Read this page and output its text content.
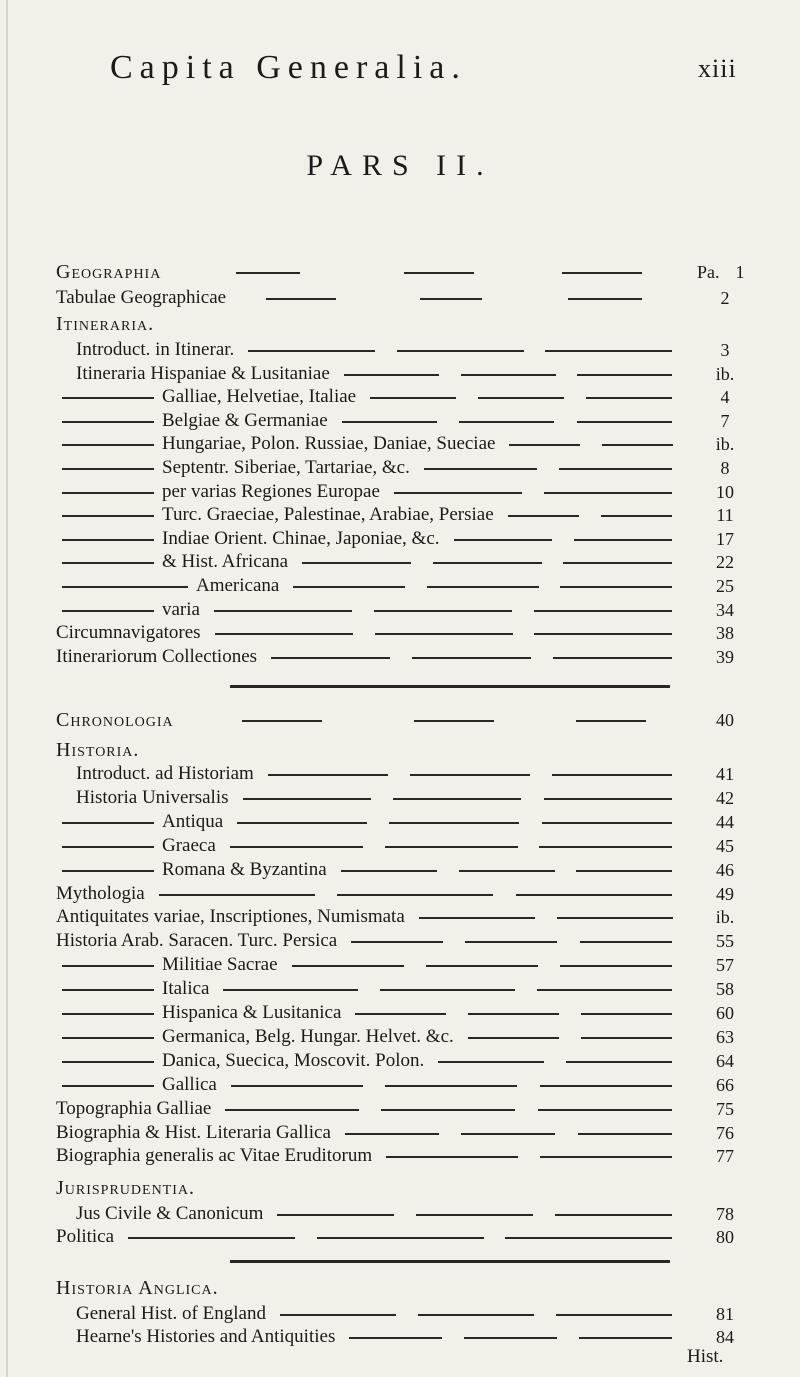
Capita Generalia.	xiii
PARS II.
Geographia	Pa. 1
Tabulae Geographicae	2
Itineraria.
Introduct. in Itinerar.	3
Itineraria Hispaniae & Lusitaniae	ib.
Galliae, Helvetiae, Italiae	4
Belgiae & Germaniae	7
Hungariae, Polon. Russiae, Daniae, Sueciae	ib.
Septentr. Siberiae, Tartariae, &c.	8
per varias Regiones Europae	10
Turc. Graeciae, Palestinae, Arabiae, Persiae	11
Indiae Orient. Chinae, Japoniae, &c.	17
& Hist. Africana	22
Americana	25
varia	34
Circumnavigatores	38
Itinerariorum Collectiones	39
Chronologia	40
Historia.
Introduct. ad Historiam	41
Historia Universalis	42
Antiqua	44
Graeca	45
Romana & Byzantina	46
Mythologia	49
Antiquitates variae, Inscriptiones, Numismata	ib.
Historia Arab. Saracen. Turc. Persica	55
Militiae Sacrae	57
Italica	58
Hispanica & Lusitanica	60
Germanica, Belg. Hungar. Helvet. &c.	63
Danica, Suecica, Moscovit. Polon.	64
Gallica	66
Topographia Galliae	75
Biographia & Hist. Literaria Gallica	76
Biographia generalis ac Vitae Eruditorum	77
Jurisprudentia.
Jus Civile & Canonicum	78
Politica	80
Historia Anglica.
General Hist. of England	81
Hearne's Histories and Antiquities	84
Hist.
